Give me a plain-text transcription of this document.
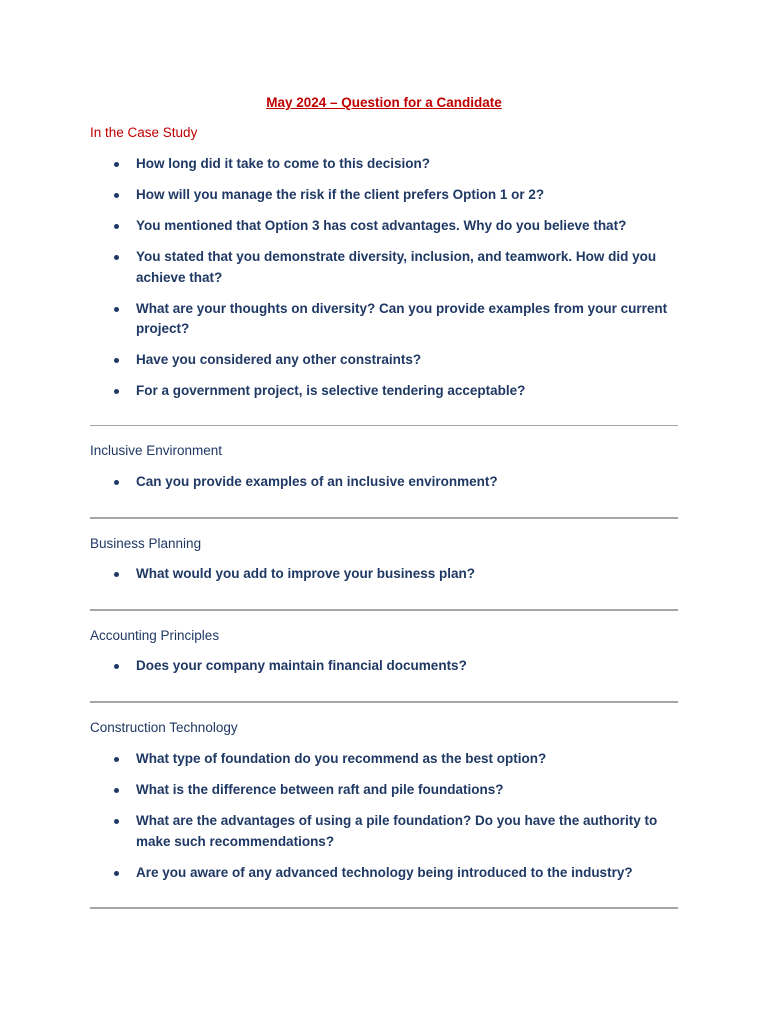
May 2024 – Question for a Candidate
In the Case Study
How long did it take to come to this decision?
How will you manage the risk if the client prefers Option 1 or 2?
You mentioned that Option 3 has cost advantages. Why do you believe that?
You stated that you demonstrate diversity, inclusion, and teamwork. How did you achieve that?
What are your thoughts on diversity? Can you provide examples from your current project?
Have you considered any other constraints?
For a government project, is selective tendering acceptable?
Inclusive Environment
Can you provide examples of an inclusive environment?
Business Planning
What would you add to improve your business plan?
Accounting Principles
Does your company maintain financial documents?
Construction Technology
What type of foundation do you recommend as the best option?
What is the difference between raft and pile foundations?
What are the advantages of using a pile foundation? Do you have the authority to make such recommendations?
Are you aware of any advanced technology being introduced to the industry?
